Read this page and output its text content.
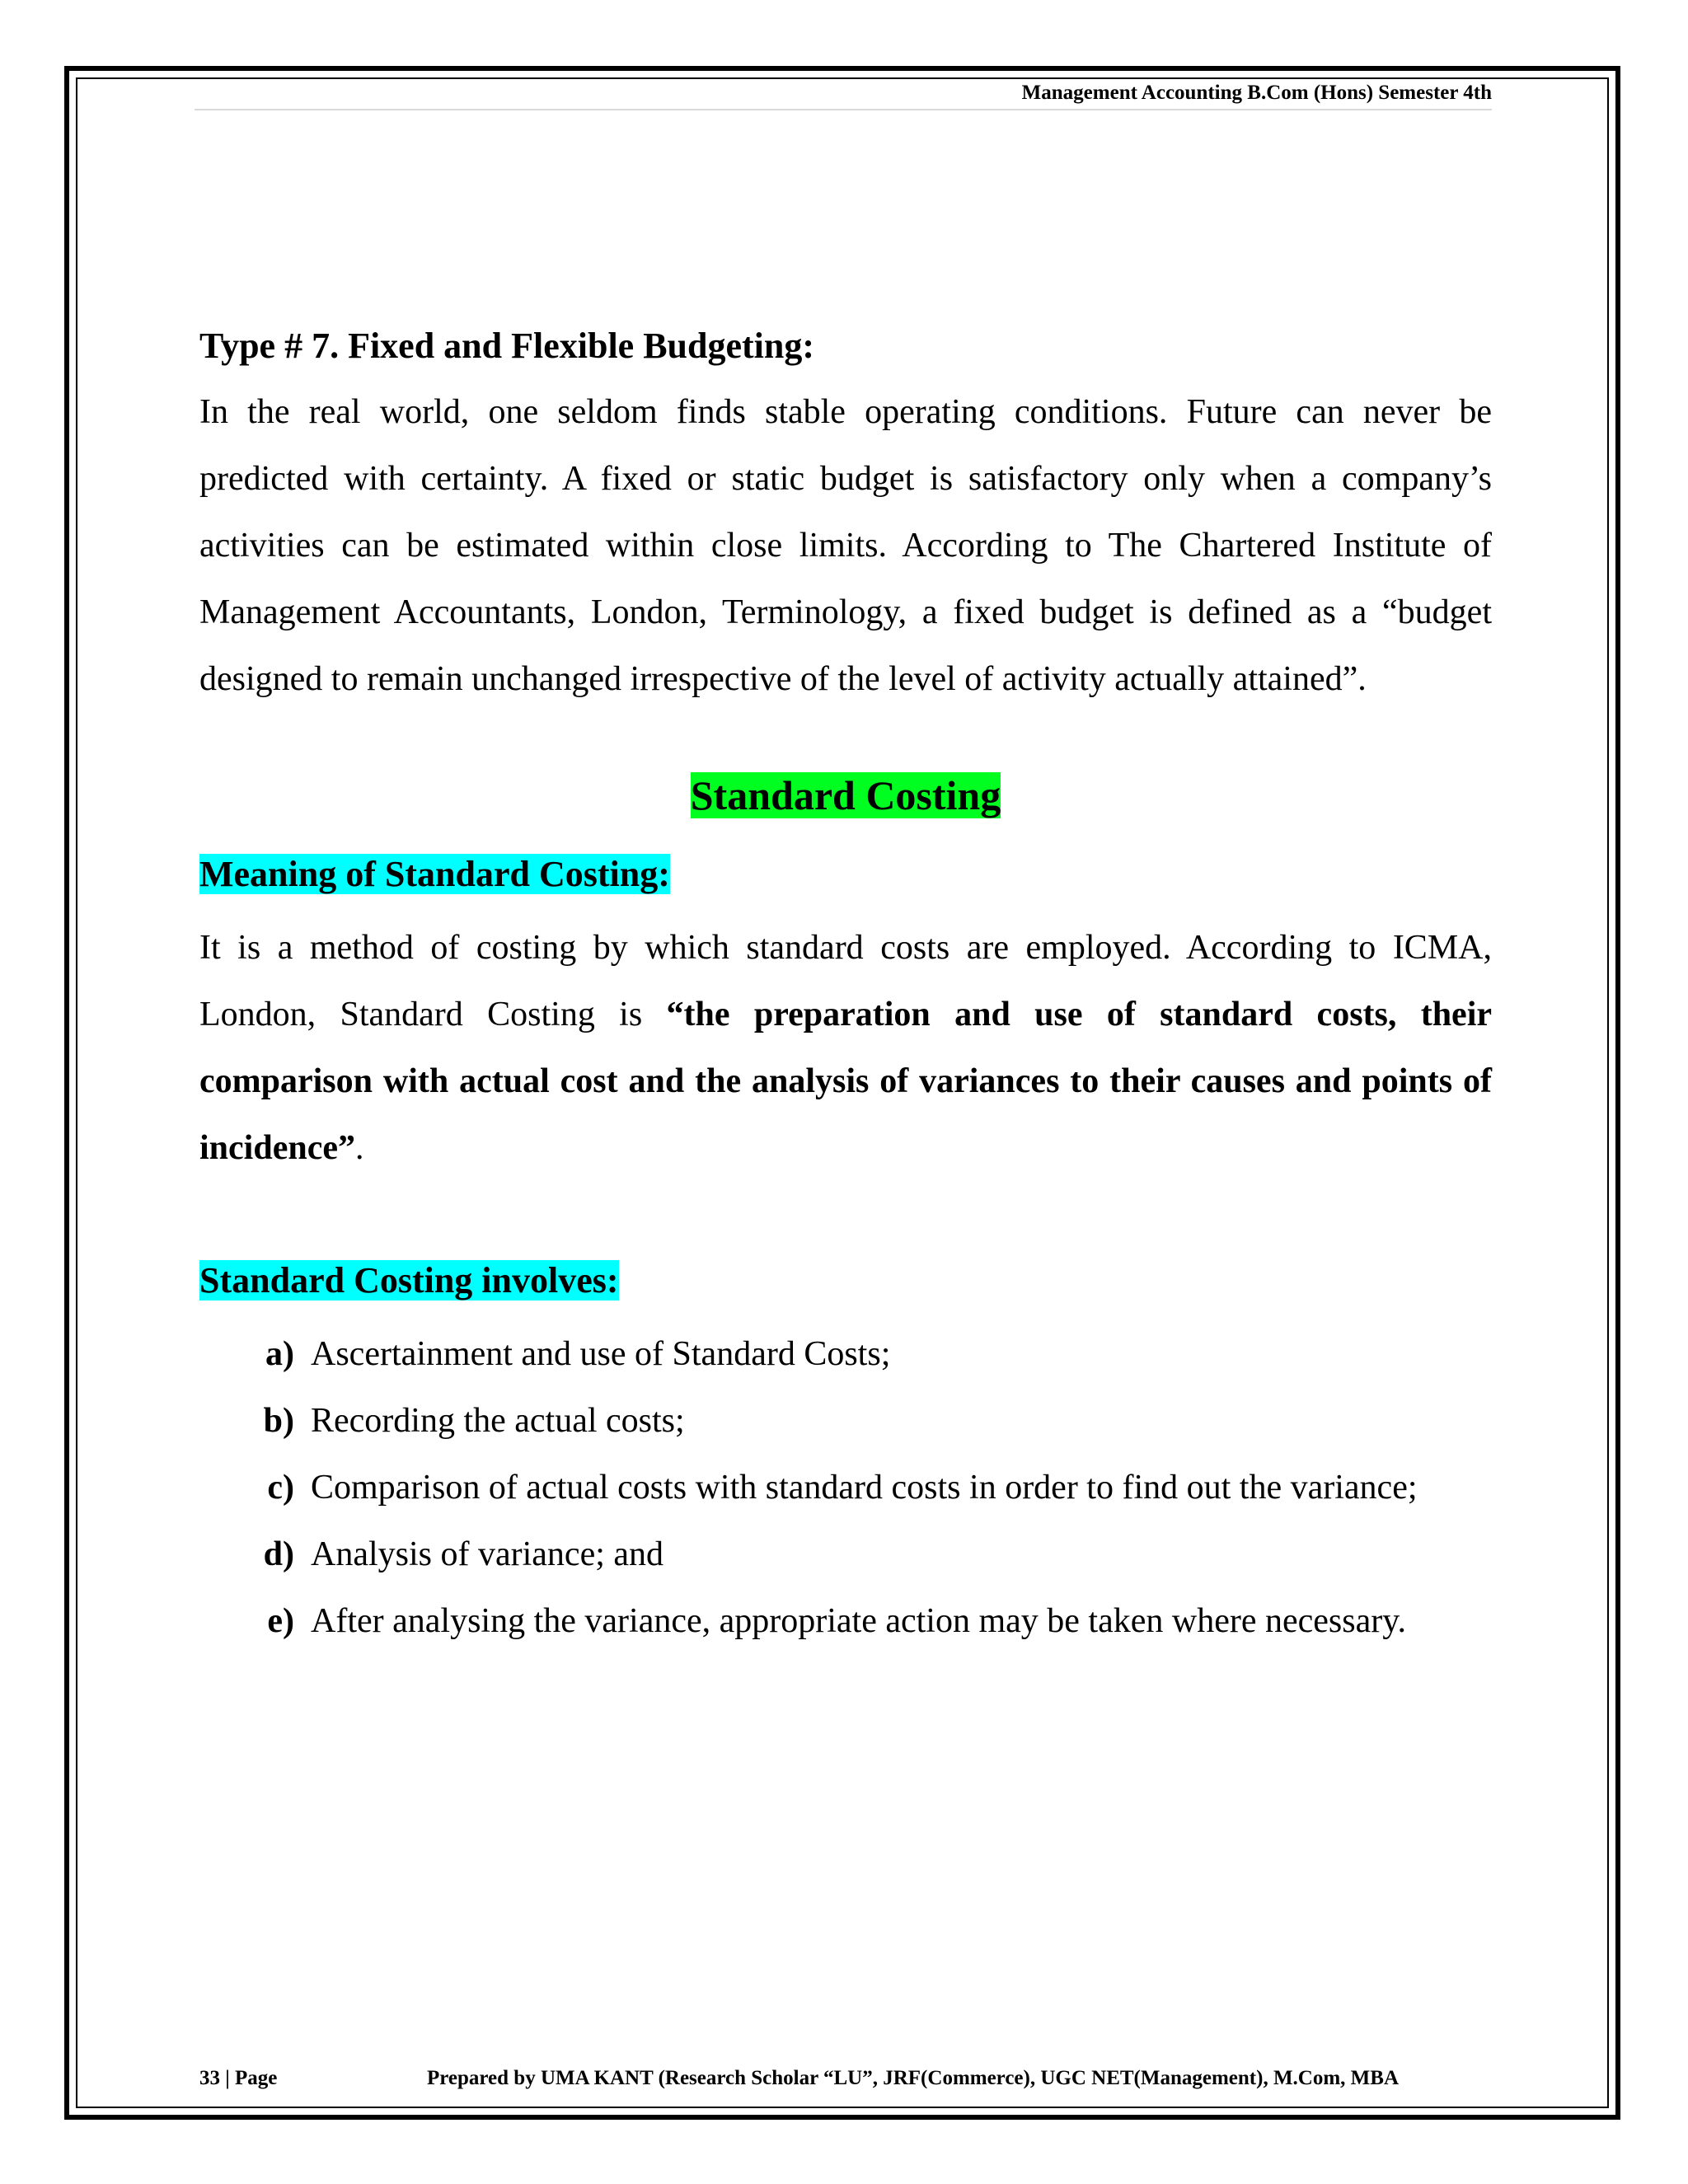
Management Accounting B.Com (Hons) Semester 4th
Type # 7. Fixed and Flexible Budgeting:

In the real world, one seldom finds stable operating conditions. Future can never be predicted with certainty. A fixed or static budget is satisfactory only when a company’s activities can be estimated within close limits. According to The Chartered Institute of Management Accountants, London, Terminology, a fixed budget is defined as a “budget designed to remain unchanged irrespective of the level of activity actually attained”.

Standard Costing
Meaning of Standard Costing:

It is a method of costing by which standard costs are employed. According to ICMA, London, Standard Costing is “the preparation and use of standard costs, their comparison with actual cost and the analysis of variances to their causes and points of incidence”.

Standard Costing involves:
a) Ascertainment and use of Standard Costs;
b) Recording the actual costs;
c) Comparison of actual costs with standard costs in order to find out the variance;
d) Analysis of variance; and
e) After analysing the variance, appropriate action may be taken where necessary.
33 | Page	Prepared by UMA KANT (Research Scholar “LU”, JRF(Commerce), UGC NET(Management), M.Com, MBA
